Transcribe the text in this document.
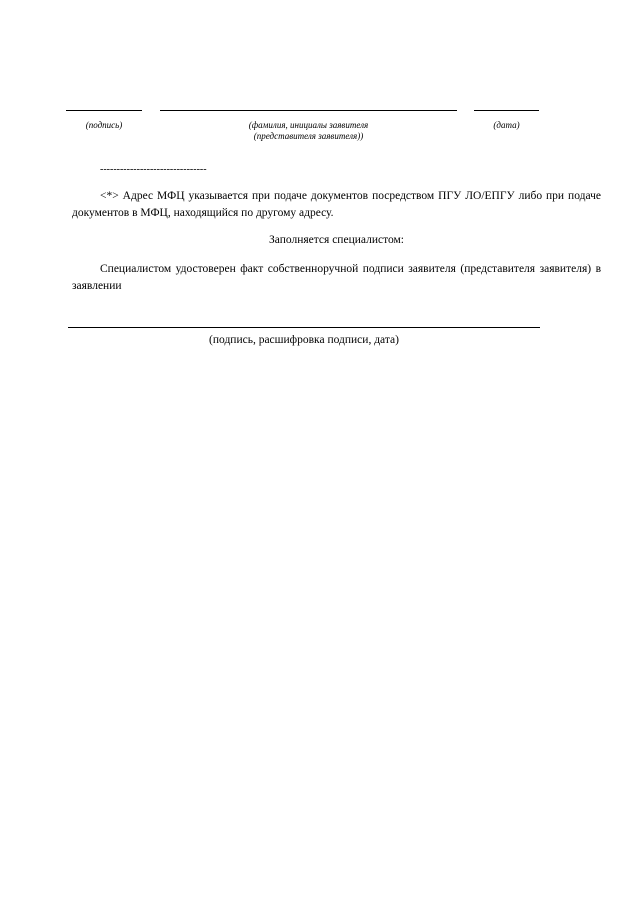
(подпись)	(фамилия, инициалы заявителя
(представителя заявителя))
(дата)
--------------------------------
<*> Адрес МФЦ указывается при подаче документов посредством ПГУ ЛО/ЕПГУ либо при подаче документов в МФЦ, находящийся по другому адресу.
Заполняется специалистом:
Специалистом удостоверен факт собственноручной подписи заявителя (представителя заявителя) в заявлении
(подпись, расшифровка подписи, дата)
